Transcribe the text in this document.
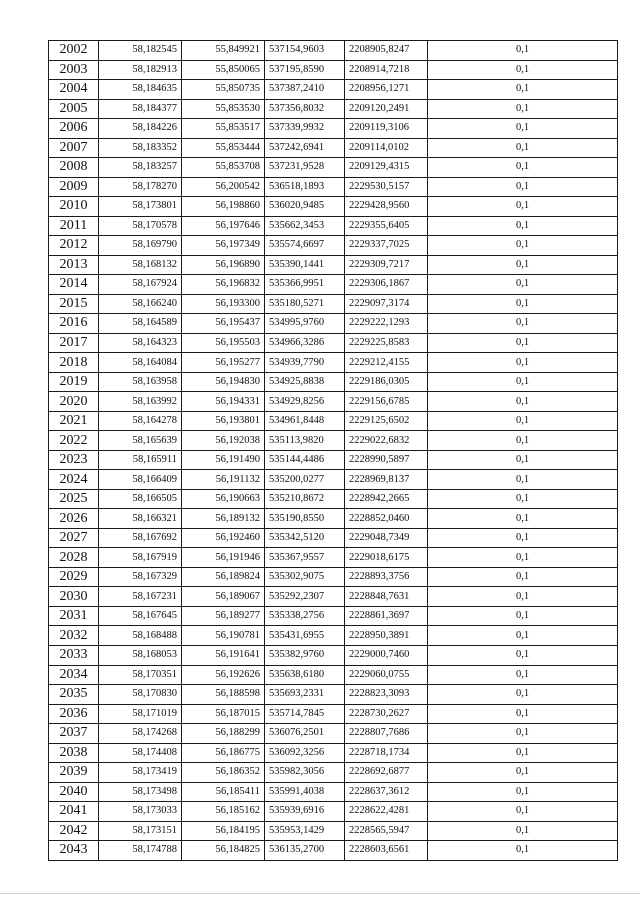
2002	58,182545	55,849921	537154,9603	2208905,8247	0,1
2003	58,182913	55,850065	537195,8590	2208914,7218	0,1
2004	58,184635	55,850735	537387,2410	2208956,1271	0,1
2005	58,184377	55,853530	537356,8032	2209120,2491	0,1
2006	58,184226	55,853517	537339,9932	2209119,3106	0,1
2007	58,183352	55,853444	537242,6941	2209114,0102	0,1
2008	58,183257	55,853708	537231,9528	2209129,4315	0,1
2009	58,178270	56,200542	536518,1893	2229530,5157	0,1
2010	58,173801	56,198860	536020,9485	2229428,9560	0,1
2011	58,170578	56,197646	535662,3453	2229355,6405	0,1
2012	58,169790	56,197349	535574,6697	2229337,7025	0,1
2013	58,168132	56,196890	535390,1441	2229309,7217	0,1
2014	58,167924	56,196832	535366,9951	2229306,1867	0,1
2015	58,166240	56,193300	535180,5271	2229097,3174	0,1
2016	58,164589	56,195437	534995,9760	2229222,1293	0,1
2017	58,164323	56,195503	534966,3286	2229225,8583	0,1
2018	58,164084	56,195277	534939,7790	2229212,4155	0,1
2019	58,163958	56,194830	534925,8838	2229186,0305	0,1
2020	58,163992	56,194331	534929,8256	2229156,6785	0,1
2021	58,164278	56,193801	534961,8448	2229125,6502	0,1
2022	58,165639	56,192038	535113,9820	2229022,6832	0,1
2023	58,165911	56,191490	535144,4486	2228990,5897	0,1
2024	58,166409	56,191132	535200,0277	2228969,8137	0,1
2025	58,166505	56,190663	535210,8672	2228942,2665	0,1
2026	58,166321	56,189132	535190,8550	2228852,0460	0,1
2027	58,167692	56,192460	535342,5120	2229048,7349	0,1
2028	58,167919	56,191946	535367,9557	2229018,6175	0,1
2029	58,167329	56,189824	535302,9075	2228893,3756	0,1
2030	58,167231	56,189067	535292,2307	2228848,7631	0,1
2031	58,167645	56,189277	535338,2756	2228861,3697	0,1
2032	58,168488	56,190781	535431,6955	2228950,3891	0,1
2033	58,168053	56,191641	535382,9760	2229000,7460	0,1
2034	58,170351	56,192626	535638,6180	2229060,0755	0,1
2035	58,170830	56,188598	535693,2331	2228823,3093	0,1
2036	58,171019	56,187015	535714,7845	2228730,2627	0,1
2037	58,174268	56,188299	536076,2501	2228807,7686	0,1
2038	58,174408	56,186775	536092,3256	2228718,1734	0,1
2039	58,173419	56,186352	535982,3056	2228692,6877	0,1
2040	58,173498	56,185411	535991,4038	2228637,3612	0,1
2041	58,173033	56,185162	535939,6916	2228622,4281	0,1
2042	58,173151	56,184195	535953,1429	2228565,5947	0,1
2043	58,174788	56,184825	536135,2700	2228603,6561	0,1
